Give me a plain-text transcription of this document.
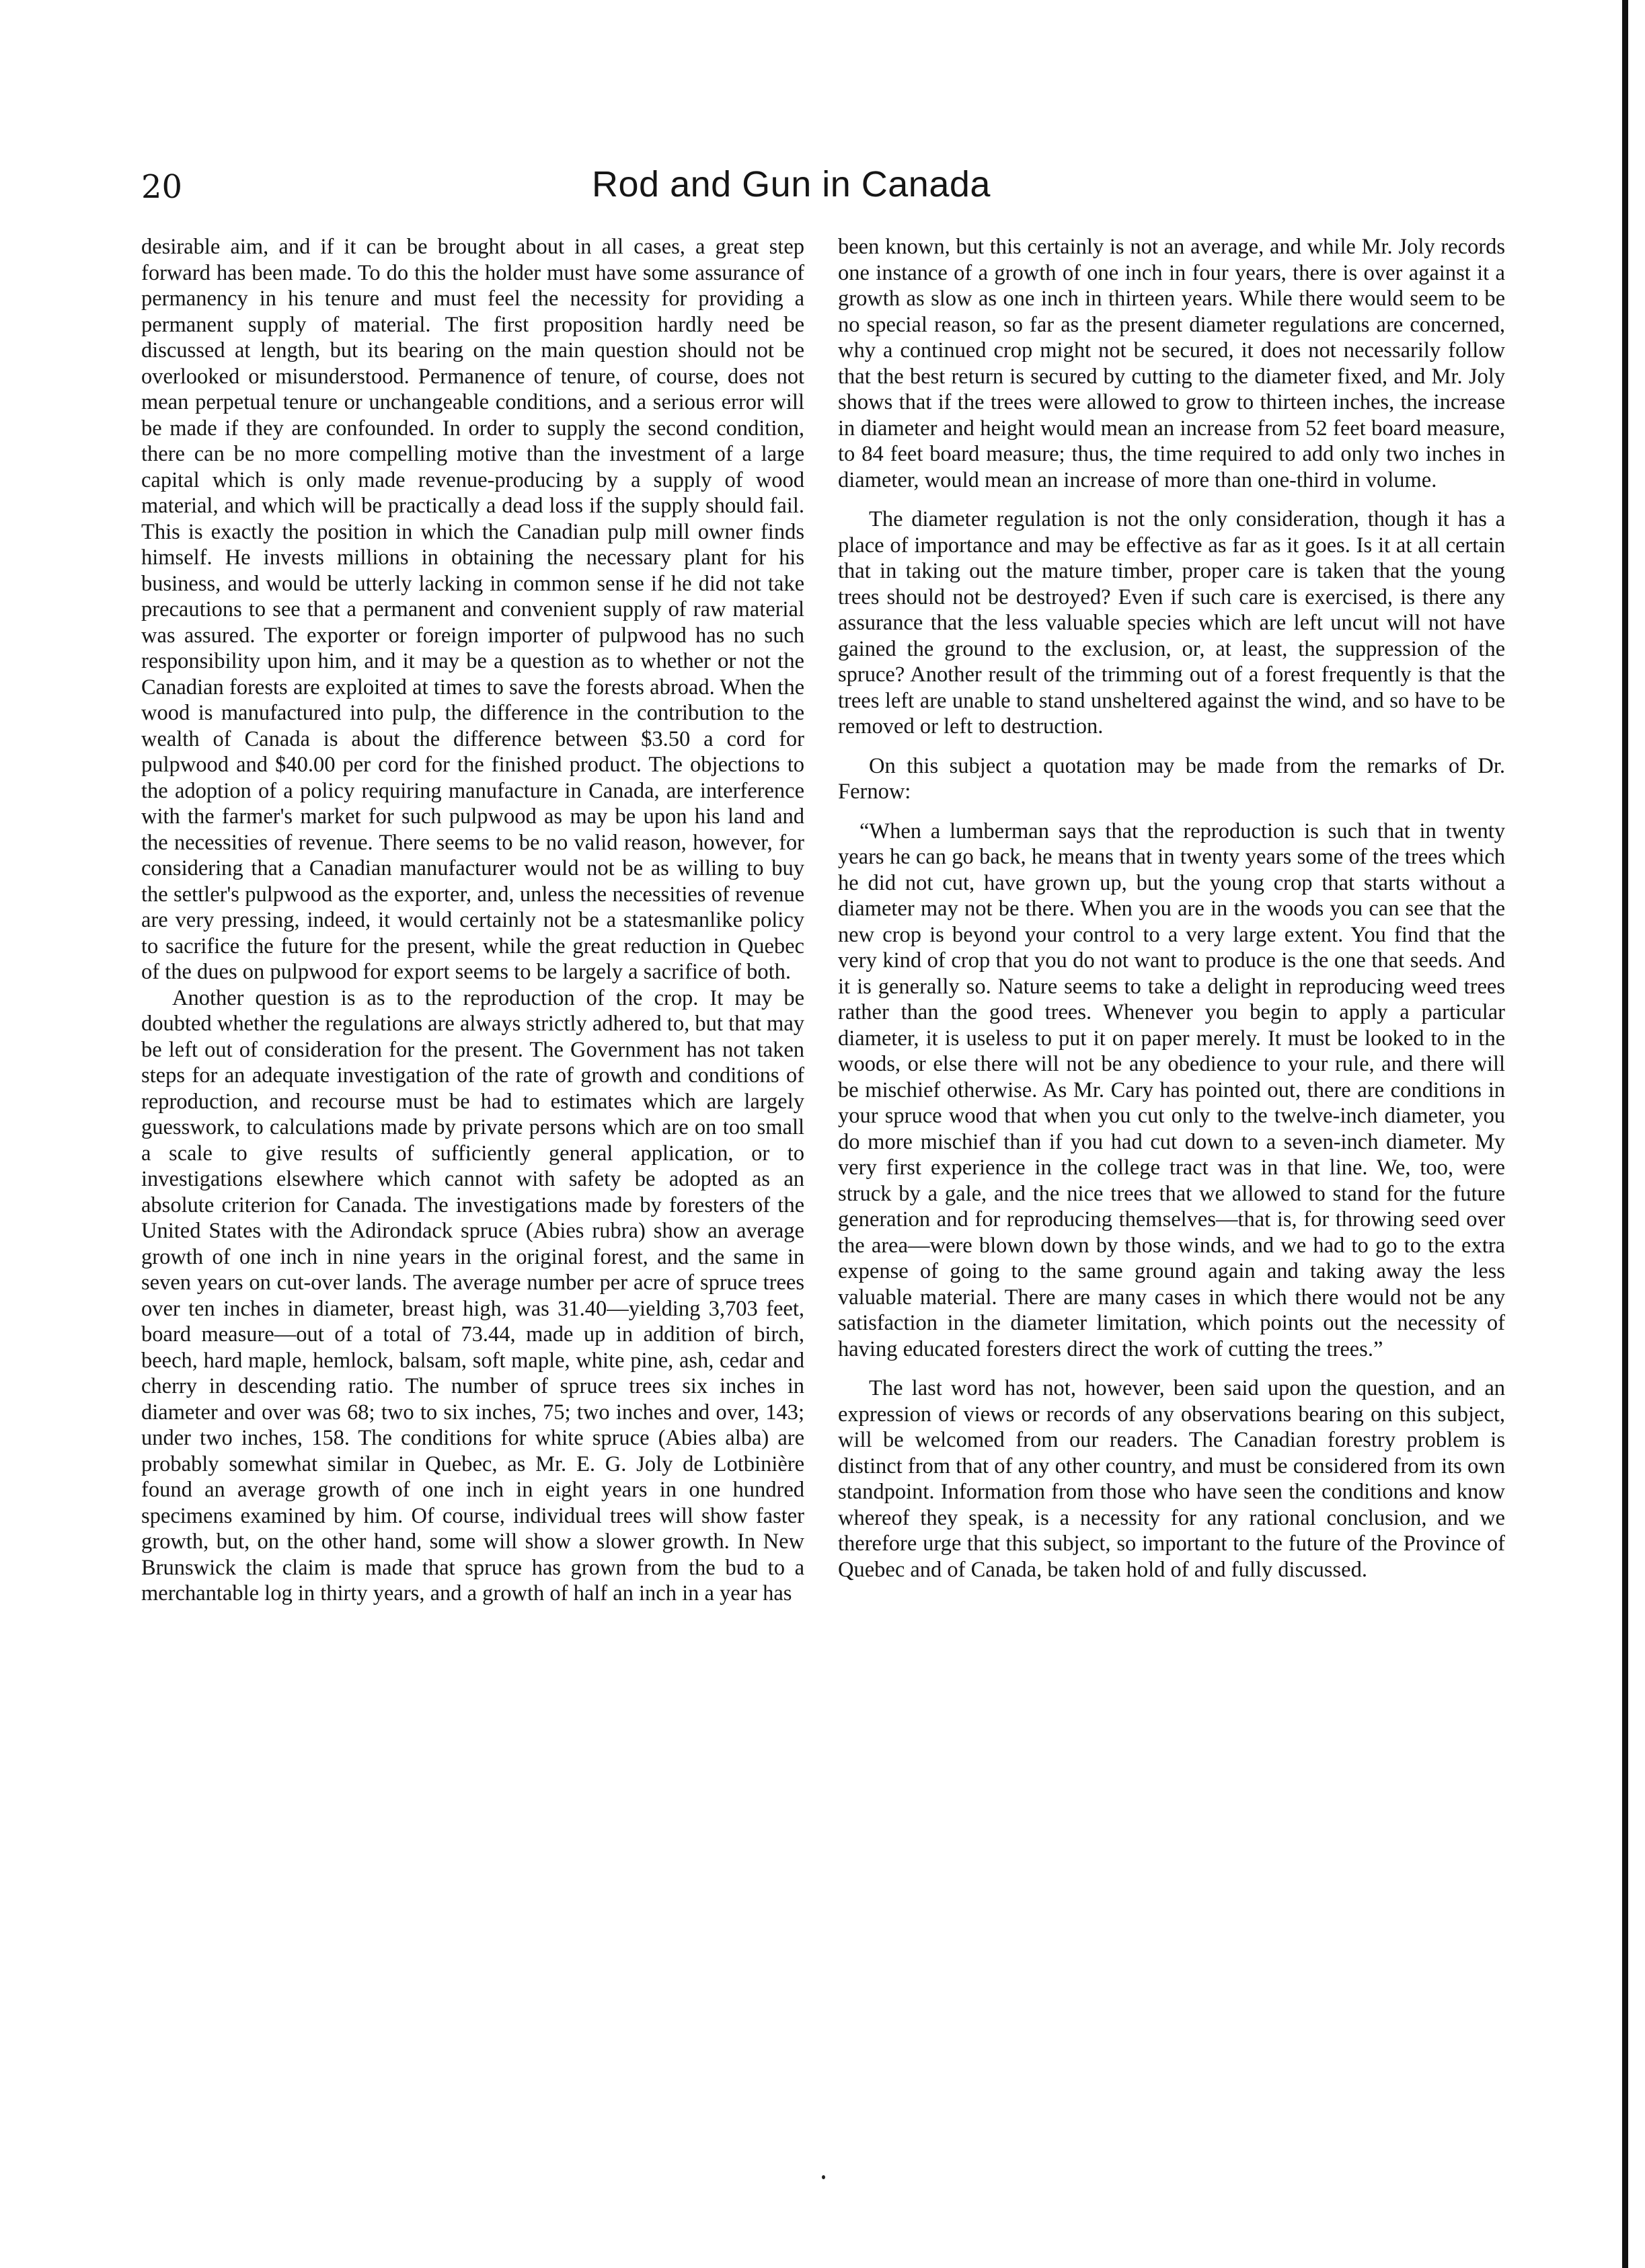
20	Rod and Gun in Canada

desirable aim, and if it can be brought about in all cases, a great step forward has been made. To do this the holder must have some assurance of permanency in his tenure and must feel the necessity for providing a permanent supply of material. The first proposition hardly need be discussed at length, but its bearing on the main question should not be overlooked or misunderstood. Permanence of tenure, of course, does not mean perpetual tenure or unchangeable conditions, and a serious error will be made if they are confounded. In order to supply the second condition, there can be no more compelling motive than the investment of a large capital which is only made revenue-producing by a supply of wood material, and which will be practically a dead loss if the supply should fail. This is exactly the position in which the Canadian pulp mill owner finds himself. He invests millions in obtaining the necessary plant for his business, and would be utterly lacking in common sense if he did not take precautions to see that a permanent and convenient supply of raw material was assured. The exporter or foreign importer of pulpwood has no such responsibility upon him, and it may be a question as to whether or not the Canadian forests are exploited at times to save the forests abroad. When the wood is manufactured into pulp, the difference in the contribution to the wealth of Canada is about the difference between $3.50 a cord for pulpwood and $40.00 per cord for the finished product. The objections to the adoption of a policy requiring manufacture in Canada, are interference with the farmer's market for such pulpwood as may be upon his land and the necessities of revenue. There seems to be no valid reason, however, for considering that a Canadian manufacturer would not be as willing to buy the settler's pulpwood as the exporter, and, unless the necessities of revenue are very pressing, indeed, it would certainly not be a statesmanlike policy to sacrifice the future for the present, while the great reduction in Quebec of the dues on pulpwood for export seems to be largely a sacrifice of both.

Another question is as to the reproduction of the crop. It may be doubted whether the regulations are always strictly adhered to, but that may be left out of consideration for the present. The Government has not taken steps for an adequate investigation of the rate of growth and conditions of reproduction, and recourse must be had to estimates which are largely guesswork, to calculations made by private persons which are on too small a scale to give results of sufficiently general application, or to investigations elsewhere which cannot with safety be adopted as an absolute criterion for Canada. The investigations made by foresters of the United States with the Adirondack spruce (Abies rubra) show an average growth of one inch in nine years in the original forest, and the same in seven years on cut-over lands. The average number per acre of spruce trees over ten inches in diameter, breast high, was 31.40—yielding 3,703 feet, board measure—out of a total of 73.44, made up in addition of birch, beech, hard maple, hemlock, balsam, soft maple, white pine, ash, cedar and cherry in descending ratio. The number of spruce trees six inches in diameter and over was 68; two to six inches, 75; two inches and over, 143; under two inches, 158. The conditions for white spruce (Abies alba) are probably somewhat similar in Quebec, as Mr. E. G. Joly de Lotbinière found an average growth of one inch in eight years in one hundred specimens examined by him. Of course, individual trees will show faster growth, but, on the other hand, some will show a slower growth. In New Brunswick the claim is made that spruce has grown from the bud to a merchantable log in thirty years, and a growth of half an inch in a year has

been known, but this certainly is not an average, and while Mr. Joly records one instance of a growth of one inch in four years, there is over against it a growth as slow as one inch in thirteen years. While there would seem to be no special reason, so far as the present diameter regulations are concerned, why a continued crop might not be secured, it does not necessarily follow that the best return is secured by cutting to the diameter fixed, and Mr. Joly shows that if the trees were allowed to grow to thirteen inches, the increase in diameter and height would mean an increase from 52 feet board measure, to 84 feet board measure; thus, the time required to add only two inches in diameter, would mean an increase of more than one-third in volume.

The diameter regulation is not the only consideration, though it has a place of importance and may be effective as far as it goes. Is it at all certain that in taking out the mature timber, proper care is taken that the young trees should not be destroyed? Even if such care is exercised, is there any assurance that the less valuable species which are left uncut will not have gained the ground to the exclusion, or, at least, the suppression of the spruce? Another result of the trimming out of a forest frequently is that the trees left are unable to stand unsheltered against the wind, and so have to be removed or left to destruction.

On this subject a quotation may be made from the remarks of Dr. Fernow:

“When a lumberman says that the reproduction is such that in twenty years he can go back, he means that in twenty years some of the trees which he did not cut, have grown up, but the young crop that starts without a diameter may not be there. When you are in the woods you can see that the new crop is beyond your control to a very large extent. You find that the very kind of crop that you do not want to produce is the one that seeds. And it is generally so. Nature seems to take a delight in reproducing weed trees rather than the good trees. Whenever you begin to apply a particular diameter, it is useless to put it on paper merely. It must be looked to in the woods, or else there will not be any obedience to your rule, and there will be mischief otherwise. As Mr. Cary has pointed out, there are conditions in your spruce wood that when you cut only to the twelve-inch diameter, you do more mischief than if you had cut down to a seven-inch diameter. My very first experience in the college tract was in that line. We, too, were struck by a gale, and the nice trees that we allowed to stand for the future generation and for reproducing themselves—that is, for throwing seed over the area—were blown down by those winds, and we had to go to the extra expense of going to the same ground again and taking away the less valuable material. There are many cases in which there would not be any satisfaction in the diameter limitation, which points out the necessity of having educated foresters direct the work of cutting the trees.”

The last word has not, however, been said upon the question, and an expression of views or records of any observations bearing on this subject, will be welcomed from our readers. The Canadian forestry problem is distinct from that of any other country, and must be considered from its own standpoint. Information from those who have seen the conditions and know whereof they speak, is a necessity for any rational conclusion, and we therefore urge that this subject, so important to the future of the Province of Quebec and of Canada, be taken hold of and fully discussed.
